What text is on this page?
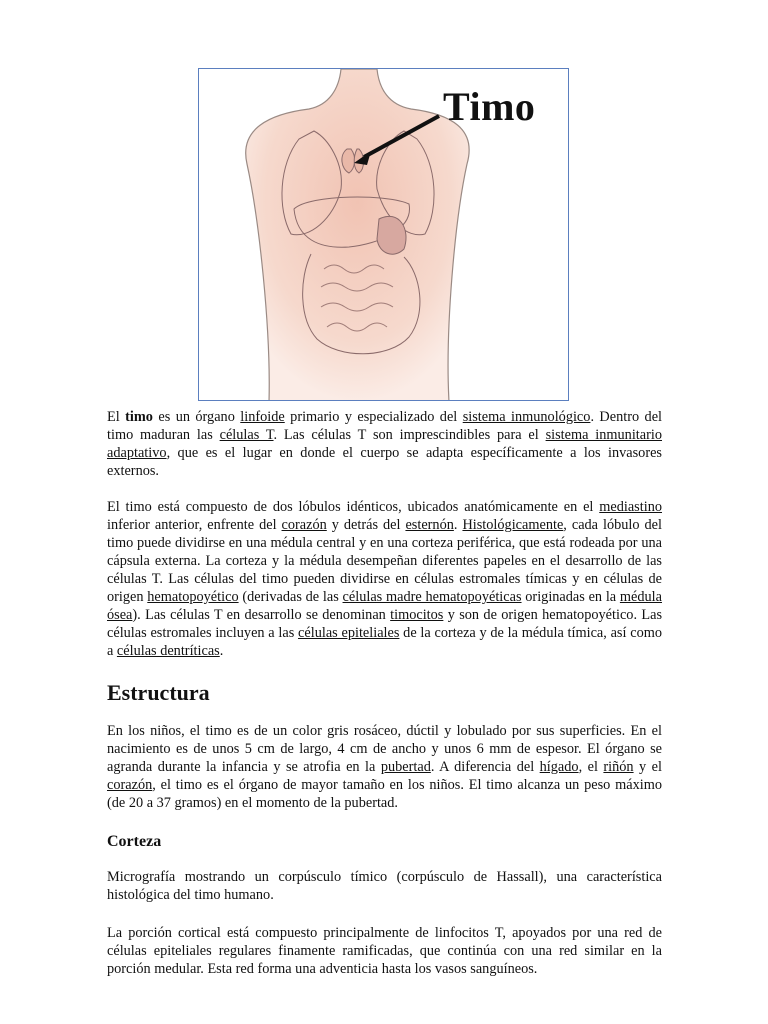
Timo

El timo es un órgano linfoide primario y especializado del sistema inmunológico. Dentro del timo maduran las células T. Las células T son imprescindibles para el sistema inmunitario adaptativo, que es el lugar en donde el cuerpo se adapta específicamente a los invasores externos.

El timo está compuesto de dos lóbulos idénticos, ubicados anatómicamente en el mediastino inferior anterior, enfrente del corazón y detrás del esternón. Histológicamente, cada lóbulo del timo puede dividirse en una médula central y en una corteza periférica, que está rodeada por una cápsula externa. La corteza y la médula desempeñan diferentes papeles en el desarrollo de las células T. Las células del timo pueden dividirse en células estromales tímicas y en células de origen hematopoyético (derivadas de las células madre hematopoyéticas originadas en la médula ósea). Las células T en desarrollo se denominan timocitos y son de origen hematopoyético. Las células estromales incluyen a las células epiteliales de la corteza y de la médula tímica, así como a células dentríticas.

Estructura

En los niños, el timo es de un color gris rosáceo, dúctil y lobulado por sus superficies. En el nacimiento es de unos 5 cm de largo, 4 cm de ancho y unos 6 mm de espesor. El órgano se agranda durante la infancia y se atrofia en la pubertad. A diferencia del hígado, el riñón y el corazón, el timo es el órgano de mayor tamaño en los niños. El timo alcanza un peso máximo (de 20 a 37 gramos) en el momento de la pubertad.

Corteza

Micrografía mostrando un corpúsculo tímico (corpúsculo de Hassall), una característica histológica del timo humano.

La porción cortical está compuesto principalmente de linfocitos T, apoyados por una red de células epiteliales regulares finamente ramificadas, que continúa con una red similar en la porción medular. Esta red forma una adventicia hasta los vasos sanguíneos.
